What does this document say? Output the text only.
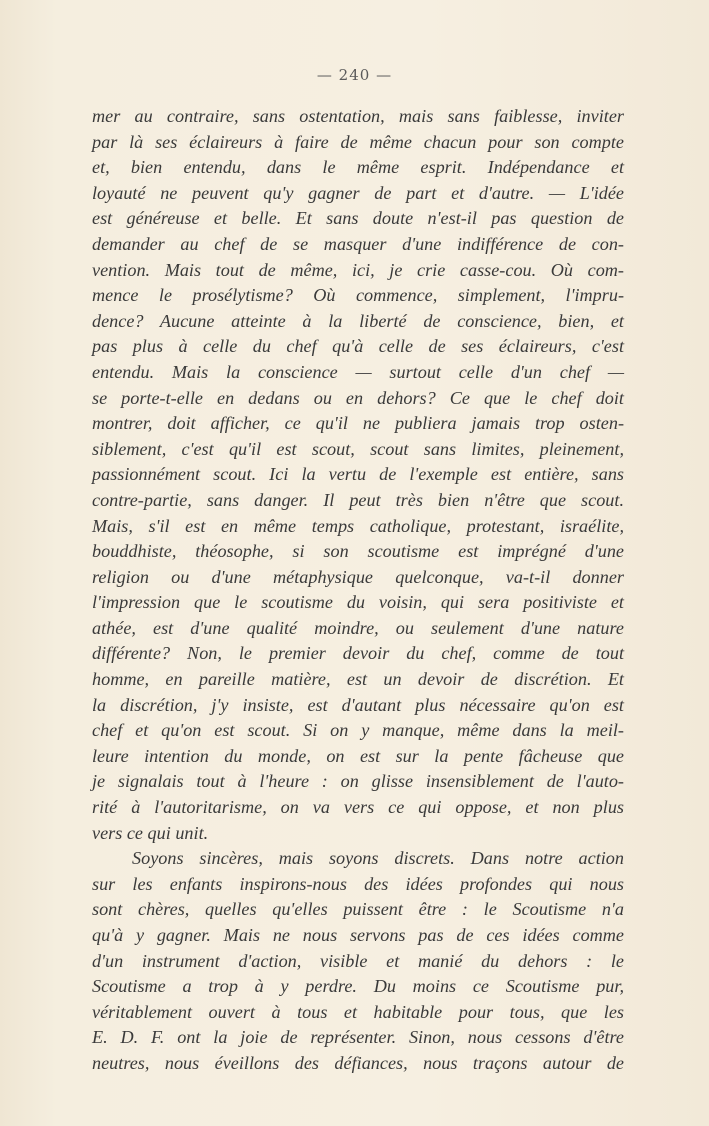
— 240 —
mer au contraire, sans ostentation, mais sans faiblesse, inviter
par là ses éclaireurs à faire de même chacun pour son compte
et, bien entendu, dans le même esprit. Indépendance et
loyauté ne peuvent qu'y gagner de part et d'autre. — L'idée
est généreuse et belle. Et sans doute n'est-il pas question de
demander au chef de se masquer d'une indifférence de con-
vention. Mais tout de même, ici, je crie casse-cou. Où com-
mence le prosélytisme? Où commence, simplement, l'impru-
dence? Aucune atteinte à la liberté de conscience, bien, et
pas plus à celle du chef qu'à celle de ses éclaireurs, c'est
entendu. Mais la conscience — surtout celle d'un chef —
se porte-t-elle en dedans ou en dehors? Ce que le chef doit
montrer, doit afficher, ce qu'il ne publiera jamais trop osten-
siblement, c'est qu'il est scout, scout sans limites, pleinement,
passionnément scout. Ici la vertu de l'exemple est entière, sans
contre-partie, sans danger. Il peut très bien n'être que scout.
Mais, s'il est en même temps catholique, protestant, israélite,
bouddhiste, théosophe, si son scoutisme est imprégné d'une
religion ou d'une métaphysique quelconque, va-t-il donner
l'impression que le scoutisme du voisin, qui sera positiviste et
athée, est d'une qualité moindre, ou seulement d'une nature
différente? Non, le premier devoir du chef, comme de tout
homme, en pareille matière, est un devoir de discrétion. Et
la discrétion, j'y insiste, est d'autant plus nécessaire qu'on est
chef et qu'on est scout. Si on y manque, même dans la meil-
leure intention du monde, on est sur la pente fâcheuse que
je signalais tout à l'heure : on glisse insensiblement de l'auto-
rité à l'autoritarisme, on va vers ce qui oppose, et non plus
vers ce qui unit.
Soyons sincères, mais soyons discrets. Dans notre action
sur les enfants inspirons-nous des idées profondes qui nous
sont chères, quelles qu'elles puissent être : le Scoutisme n'a
qu'à y gagner. Mais ne nous servons pas de ces idées comme
d'un instrument d'action, visible et manié du dehors : le
Scoutisme a trop à y perdre. Du moins ce Scoutisme pur,
véritablement ouvert à tous et habitable pour tous, que les
E. D. F. ont la joie de représenter. Sinon, nous cessons d'être
neutres, nous éveillons des défiances, nous traçons autour de
